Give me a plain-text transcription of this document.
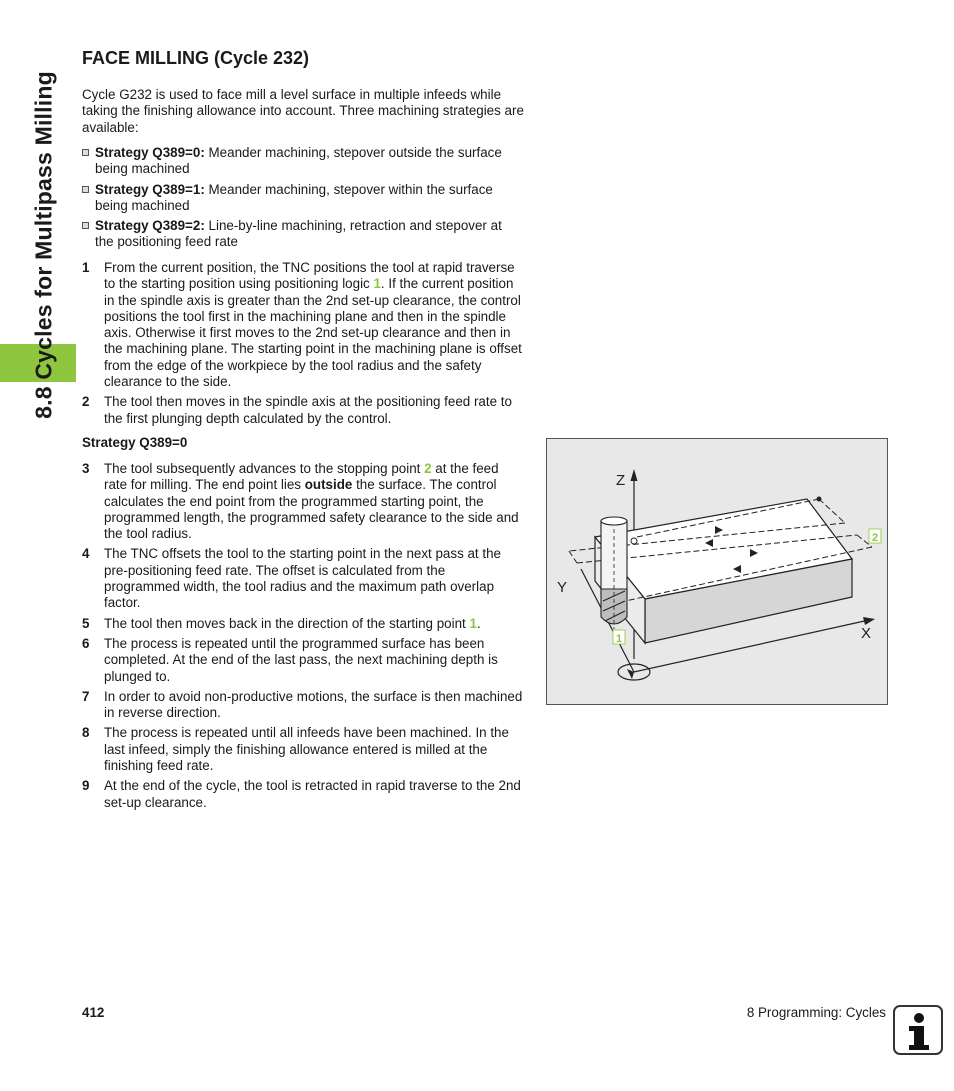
8.8 Cycles for Multipass Milling
FACE MILLING (Cycle 232)
Cycle G232 is used to face mill a level surface in multiple infeeds while taking the finishing allowance into account. Three machining strategies are available:
Strategy Q389=0: Meander machining, stepover outside the surface being machined
Strategy Q389=1: Meander machining, stepover within the surface being machined
Strategy Q389=2: Line-by-line machining, retraction and stepover at the positioning feed rate
1 From the current position, the TNC positions the tool at rapid traverse to the starting position using positioning logic 1. If the current position in the spindle axis is greater than the 2nd set-up clearance, the control positions the tool first in the machining plane and then in the spindle axis. Otherwise it first moves to the 2nd set-up clearance and then in the machining plane. The starting point in the machining plane is offset from the edge of the workpiece by the tool radius and the safety clearance to the side.
2 The tool then moves in the spindle axis at the positioning feed rate to the first plunging depth calculated by the control.
Strategy Q389=0
3 The tool subsequently advances to the stopping point 2 at the feed rate for milling. The end point lies outside the surface. The control calculates the end point from the programmed starting point, the programmed length, the programmed safety clearance to the side and the tool radius.
4 The TNC offsets the tool to the starting point in the next pass at the pre-positioning feed rate. The offset is calculated from the programmed width, the tool radius and the maximum path overlap factor.
5 The tool then moves back in the direction of the starting point 1.
6 The process is repeated until the programmed surface has been completed. At the end of the last pass, the next machining depth is plunged to.
7 In order to avoid non-productive motions, the surface is then machined in reverse direction.
8 The process is repeated until all infeeds have been machined. In the last infeed, simply the finishing allowance entered is milled at the finishing feed rate.
9 At the end of the cycle, the tool is retracted in rapid traverse to the 2nd set-up clearance.
Z
Y
X
1
2
412	8 Programming: Cycles
